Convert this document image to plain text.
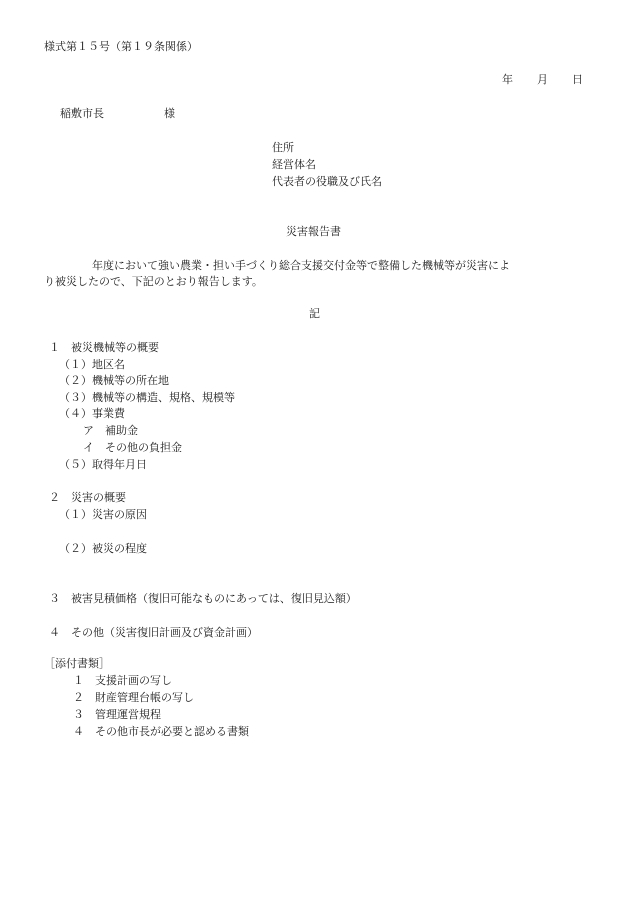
様式第１５号（第１９条関係）
年 月 日
稲敷市長	様
住所
経営体名
代表者の役職及び氏名
災害報告書
年度において強い農業・担い手づくり総合支援交付金等で整備した機械等が災害によ
り被災したので、下記のとおり報告します。
記
１　被災機械等の概要
（１）地区名
（２）機械等の所在地
（３）機械等の構造、規格、規模等
（４）事業費
ア　補助金
イ　その他の負担金
（５）取得年月日
２　災害の概要
（１）災害の原因
（２）被災の程度
３　被害見積価格（復旧可能なものにあっては、復旧見込額）
４　その他（災害復旧計画及び資金計画）
［添付書類］
１　支援計画の写し
２　財産管理台帳の写し
３　管理運営規程
４　その他市長が必要と認める書類
